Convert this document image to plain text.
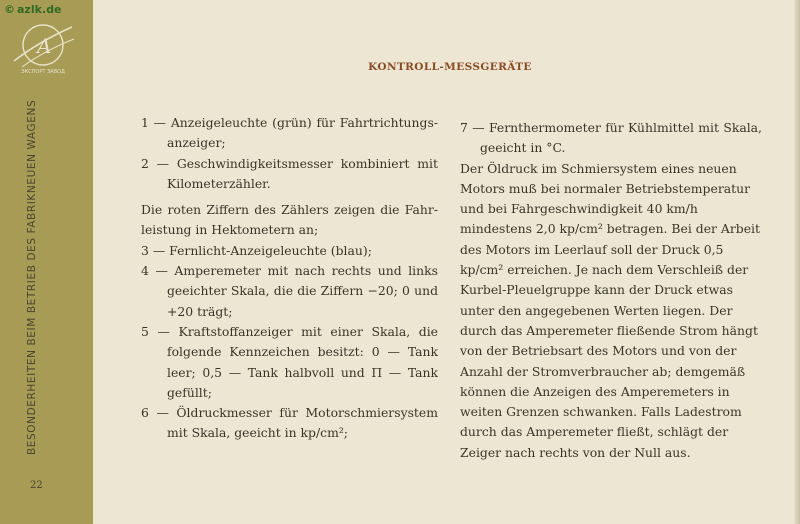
© azlk.de
A
ЭКСПОРТ ЗАВОД
BESONDERHEITEN BEIM BETRIEB DES FABRIKNEUEN WAGENS
22
KONTROLL-MESSGERÄTE

1 — Anzeigeleuchte (grün) für Fahrtrichtungsanzeiger;

2 — Geschwindigkeitsmesser kombiniert mit Kilometerzähler.

Die roten Ziffern des Zählers zeigen die Fahrleistung in Hektometern an;

3 — Fernlicht-Anzeigeleuchte (blau);

4 — Amperemeter mit nach rechts und links geeichter Skala, die die Ziffern −20; 0 und +20 trägt;

5 — Kraftstoffanzeiger mit einer Skala, die folgende Kennzeichen besitzt: 0 — Tank leer; 0,5 — Tank halbvoll und П — Tank gefüllt;

6 — Öldruckmesser für Motorschmiersystem mit Skala, geeicht in kp/cm²;

7 — Fernthermometer für Kühlmittel mit Skala, geeicht in °C.

Der Öldruck im Schmiersystem eines neuen Motors muß bei normaler Betriebstemperatur und bei Fahrgeschwindigkeit 40 km/h mindestens 2,0 kp/cm² betragen. Bei der Arbeit des Motors im Leerlauf soll der Druck 0,5 kp/cm² erreichen. Je nach dem Verschleiß der Kurbel-Pleuelgruppe kann der Druck etwas unter den angegebenen Werten liegen. Der durch das Amperemeter fließende Strom hängt von der Betriebsart des Motors und von der Anzahl der Stromverbraucher ab; demgemäß können die Anzeigen des Amperemeters in weiten Grenzen schwanken. Falls Ladestrom durch das Amperemeter fließt, schlägt der Zeiger nach rechts von der Null aus.
